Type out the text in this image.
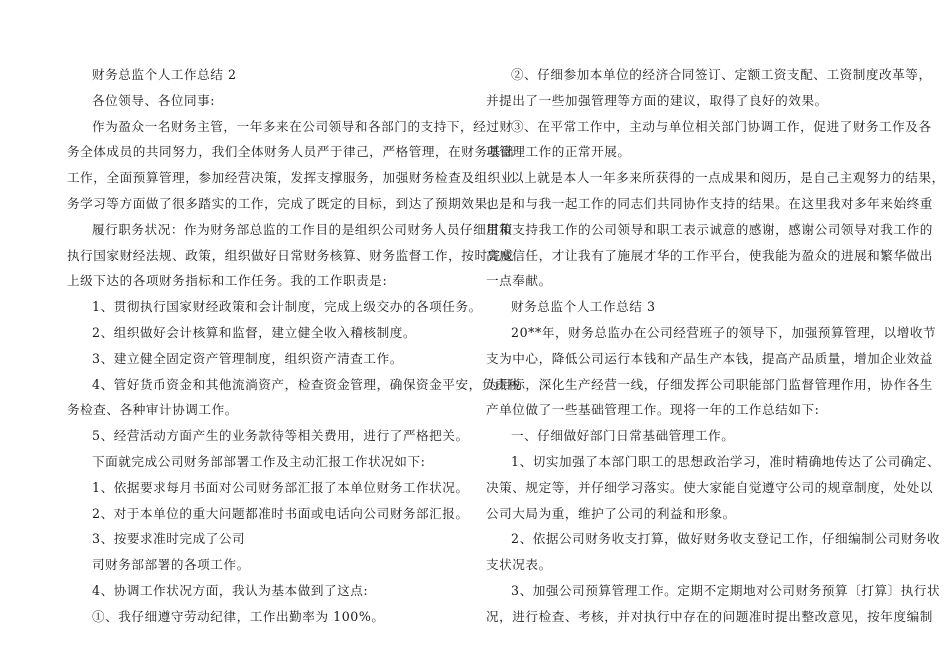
财务总监个人工作总结 2
各位领导、各位同事:
作为盈众一名财务主管，一年多来在公司领导和各部门的支持下，经过财
务全体成员的共同努力，我们全体财务人员严于律己，严格管理，在财务基础
工作，全面预算管理，参加经营决策，发挥支撑服务，加强财务检查及组织业
务学习等方面做了很多踏实的工作，完成了既定的目标，到达了预期效果。
履行职务状况：作为财务部总监的工作目的是组织公司财务人员仔细贯策
执行国家财经法规、政策，组织做好日常财务核算、财务监督工作，按时完成
上级下达的各项财务指标和工作任务。我的工作职责是:
1、贯彻执行国家财经政策和会计制度，完成上级交办的各项任务。
2、组织做好会计核算和监督，建立健全收入稽核制度。
3、建立健全固定资产管理制度，组织资产清查工作。
4、管好货币资金和其他流淌资产，检查资金管理，确保资金平安，负责税
务检查、各种审计协调工作。
5、经营活动方面产生的业务款待等相关费用，进行了严格把关。
下面就完成公司财务部部署工作及主动汇报工作状况如下:
1、依据要求每月书面对公司财务部汇报了本单位财务工作状况。
2、对于本单位的重大问题都准时书面或电话向公司财务部汇报。
3、按要求准时完成了公司
司财务部部署的各项工作。
4、协调工作状况方面，我认为基本做到了这点:
①、我仔细遵守劳动纪律，工作出勤率为 100%。
②、仔细参加本单位的经济合同签订、定额工资支配、工资制度改革等，
并提出了一些加强管理等方面的建议，取得了良好的效果。
③、在平常工作中，主动与单位相关部门协调工作，促进了财务工作及各
项管理工作的正常开展。
以上就是本人一年多来所获得的一点成果和阅历，是自己主观努力的结果，
也是和与我一起工作的同志们共同协作支持的结果。在这里我对多年来始终重
用和支持我工作的公司领导和职工表示诚意的感谢，感谢公司领导对我工作的
高度信任，才让我有了施展才华的工作平台，使我能为盈众的进展和繁华做出
一点奉献。
财务总监个人工作总结 3
20**年，财务总监办在公司经营班子的领导下，加强预算管理，以增收节
支为中心，降低公司运行本钱和产品生产本钱，提高产品质量，增加企业效益
为目标，深化生产经营一线，仔细发挥公司职能部门监督管理作用，协作各生
产单位做了一些基础管理工作。现将一年的工作总结如下:
一、仔细做好部门日常基础管理工作。
1、切实加强了本部门职工的思想政治学习，准时精确地传达了公司确定、
决策、规定等，并仔细学习落实。使大家能自觉遵守公司的规章制度，处处以
公司大局为重，维护了公司的利益和形象。
2、依据公司财务收支打算，做好财务收支登记工作，仔细编制公司财务收
支状况表。
3、加强公司预算管理工作。定期不定期地对公司财务预算〔打算〕执行状
况，进行检查、考核，并对执行中存在的问题准时提出整改意见，按年度编制
